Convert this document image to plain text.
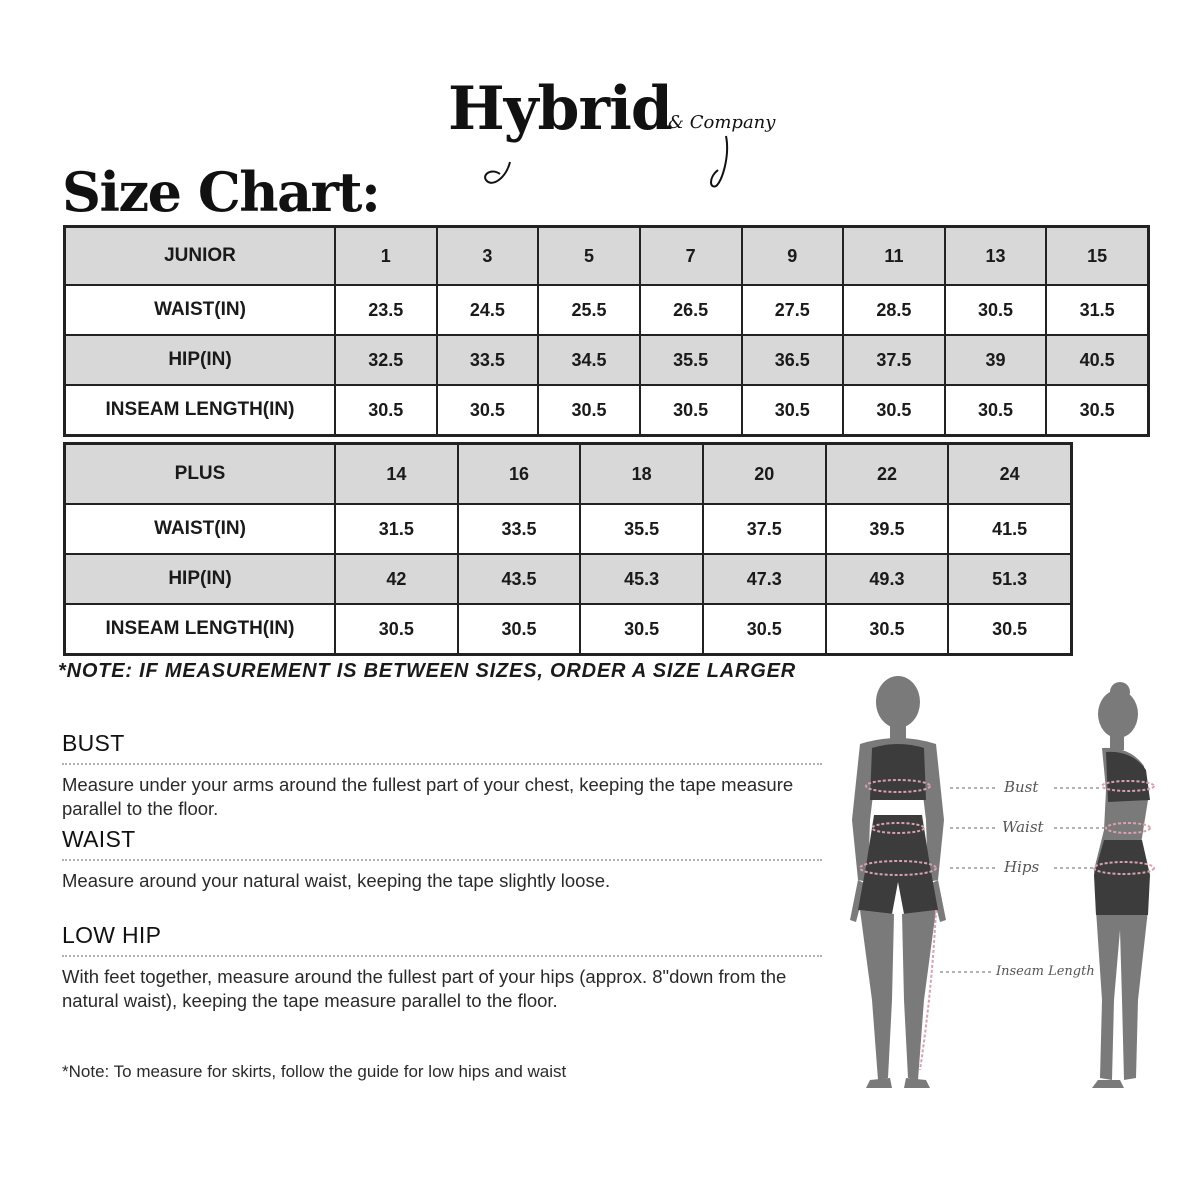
Hybrid
& Company
Size Chart:
JUNIOR	1	3	5	7	9	11	13	15
WAIST(IN)	23.5	24.5	25.5	26.5	27.5	28.5	30.5	31.5
HIP(IN)	32.5	33.5	34.5	35.5	36.5	37.5	39	40.5
INSEAM LENGTH(IN)	30.5	30.5	30.5	30.5	30.5	30.5	30.5	30.5
PLUS	14	16	18	20	22	24
WAIST(IN)	31.5	33.5	35.5	37.5	39.5	41.5
HIP(IN)	42	43.5	45.3	47.3	49.3	51.3
INSEAM LENGTH(IN)	30.5	30.5	30.5	30.5	30.5	30.5
*NOTE: IF MEASUREMENT IS BETWEEN SIZES, ORDER A SIZE LARGER
BUST

Measure under your arms around the fullest part of your chest, keeping the tape measure parallel to the floor.

WAIST

Measure around your natural waist, keeping the tape slightly loose.

LOW HIP

With feet together, measure around the fullest part of your hips (approx. 8"down from the natural waist), keeping the tape measure parallel to the floor.

*Note: To measure for skirts, follow the guide for low hips and waist
Bust
Waist
Hips
Inseam Length
